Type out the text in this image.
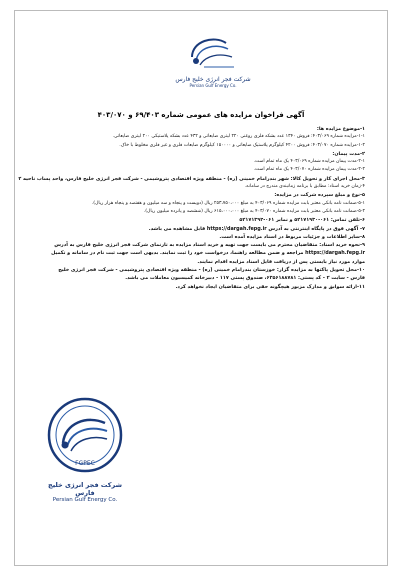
شرکت فجر انرژی خلیج فارس
Persian Gulf Energy Co.
آگهی فراخوان مزایده های عمومی شماره ۶۹/۴۰۳ و ۴۰۳/۰۷۰

۱-موضوع مزایده ها:

۱-۱-مزایده شماره ۴۰۳/۰۶۹: فروش ۱۳۴۰ عدد بشکه فلزی روغنی ۲۲۰ لیتری ضایعاتی و ۴۳۲ عدد بشکه پلاستیکی ۲۰۰ لیتری ضایعاتی.

۱-۲-مزایده شماره ۴۰۳/۰۷۰: فروش ۴۲۰۰ کیلوگرم پلاستیک ضایعاتی و ۱۵۰۰۰۰ کیلوگرم ضایعات فلزی و غیر فلزی مخلوط با خاک.

۲-مدت پیمان:

۲-۱-مدت پیمان مزایده شماره ۴۰۳/۰۶۹ یک ماه تمام است.

۲-۲-مدت پیمان مزایده شماره ۴۰۳/۰۷۰ یک ماه تمام است.

۳-محل اجرای کار و تحویل کالا: شهر بندرامام خمینی (ره) - منطقه ویژه اقتصادی پتروشیمی - شرکت فجر انرژی خلیج فارس، واحد پساب ناحیه ۲

۴-زمان خرید اسناد: مطابق با برنامه زمانبندی مندرج در سامانه.

۵-نوع و مبلغ سپرده شرکت در مزایده:

۵-۱-ضمانت نامه بانکی معتبر بابت مزایده شماره ۴۰۳/۰۶۹ به مبلغ ۲۵۳،۷۵۰،۰۰۰ ریال (دویست و پنجاه و سه میلیون و هفتصد و پنجاه هزار ریال).

۵-۲-ضمانت نامه بانکی معتبر بابت مزایده شماره ۴۰۳/۰۷۰ به مبلغ ۶۱۵،۰۰۰،۰۰۰ ریال (ششصد و پانزده میلیون ریال).

۶-تلفن تماس: ۰۶۱-۵۲۱۷۱۹۳۰ و نمابر ۰۶۱-۵۲۱۷۱۳۹۴

۷- آگهی فوق در پایگاه اینترنتی به آدرس https://dargah.fepg.ir قابل مشاهده می باشد.

۸-سایر اطلاعات و جزئیات مربوط در اسناد مزایده آمده است.

۹-نحوه خرید اسناد: متقاضیان محترم می بایست جهت تهیه و خرید اسناد مزایده به تارنمای شرکت فجر انرژی خلیج فارس به آدرس https://dargah.fepg.ir مراجعه و ضمن مطالعه راهنما، درخواست خود را ثبت نمایند. بدیهی است جهت ثبت نام در سامانه و تکمیل موارد مورد نیاز بایستی پس از دریافت فایل اسناد مزایده اقدام نمایند.

۱۰-محل تحویل پاکتها به مزایده گزار: خوزستان بندرامام خمینی (ره) - منطقه ویژه اقتصادی پتروشیمی - شرکت فجر انرژی خلیج فارس - سایت ۲ - کد پستی: ۶۳۵۶۱۸۸۷۸۱، صندوق پستی ۱۱۷ - دبیرخانه کمیسیون معاملات می باشد.

۱۱-ارائه سوابق و مدارک مزبور هیچگونه حقی برای متقاضیان ایجاد نخواهد کرد.

FGPEC
شرکت فجر انرژی خلیج فارس
Persian Gulf Energy Co.
